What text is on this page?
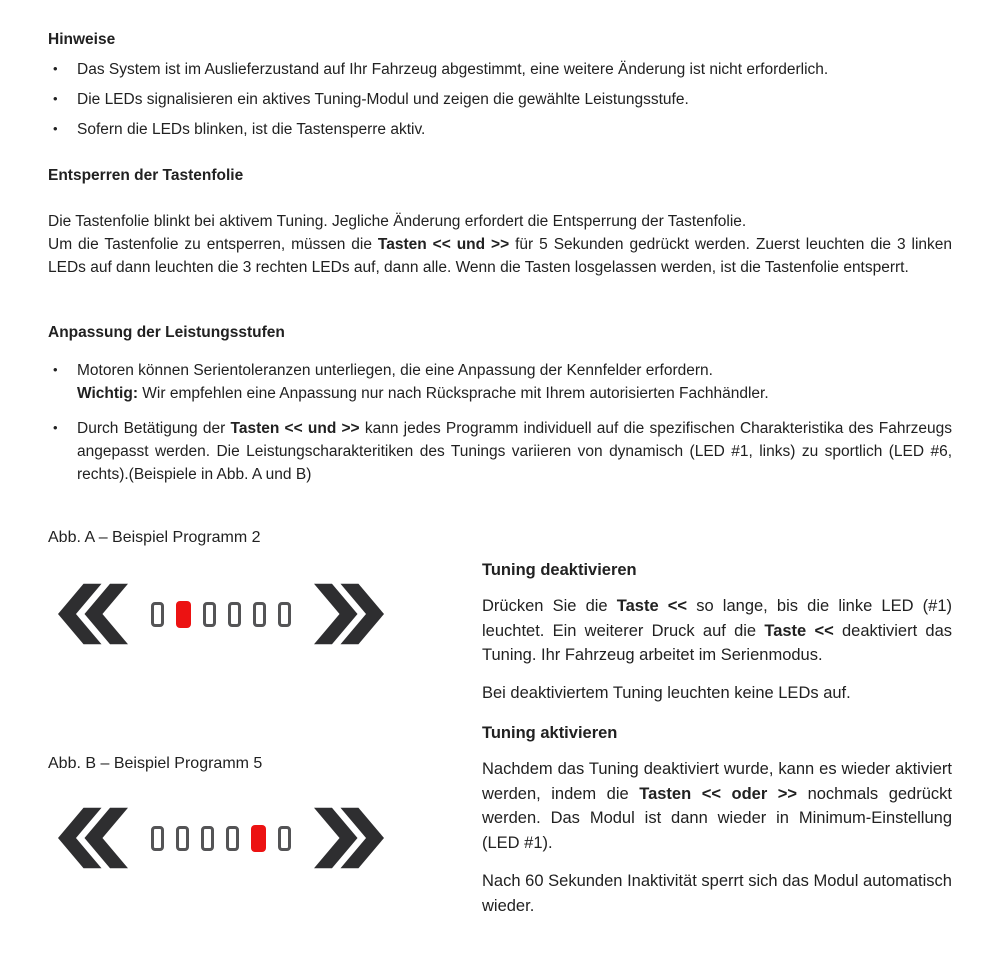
Hinweise
• Das System ist im Auslieferzustand auf Ihr Fahrzeug abgestimmt, eine weitere Änderung ist nicht erforderlich.
• Die LEDs signalisieren ein aktives Tuning-Modul und zeigen die gewählte Leistungsstufe.
• Sofern die LEDs blinken, ist die Tastensperre aktiv.
Entsperren der Tastenfolie
Die Tastenfolie blinkt bei aktivem Tuning. Jegliche Änderung erfordert die Entsperrung der Tastenfolie.
Um die Tastenfolie zu entsperren, müssen die Tasten << und >> für 5 Sekunden gedrückt werden. Zuerst leuchten die 3 linken LEDs auf dann leuchten die 3 rechten LEDs auf, dann alle. Wenn die Tasten losgelassen werden, ist die Tastenfolie entsperrt.
Anpassung der Leistungsstufen
• Motoren können Serientoleranzen unterliegen, die eine Anpassung der Kennfelder erfordern.
Wichtig: Wir empfehlen eine Anpassung nur nach Rücksprache mit Ihrem autorisierten Fachhändler.
• Durch Betätigung der Tasten << und >> kann jedes Programm individuell auf die spezifischen Charakteristika des Fahrzeugs angepasst werden. Die Leistungscharakteritiken des Tunings variieren von dynamisch (LED #1, links) zu sportlich (LED #6, rechts).(Beispiele in Abb. A und B)

Abb. A – Beispiel Programm 2

Abb. B – Beispiel Programm 5

Tuning deaktivieren

Drücken Sie die Taste << so lange, bis die linke LED (#1) leuchtet. Ein weiterer Druck auf die Taste << deaktiviert das Tuning. Ihr Fahrzeug arbeitet im Serienmodus.

Bei deaktiviertem Tuning leuchten keine LEDs auf.

Tuning aktivieren

Nachdem das Tuning deaktiviert wurde, kann es wieder aktiviert werden, indem die Tasten << oder >> nochmals gedrückt werden. Das Modul ist dann wieder in Minimum-Einstellung (LED #1).

Nach 60 Sekunden Inaktivität sperrt sich das Modul automatisch wieder.
